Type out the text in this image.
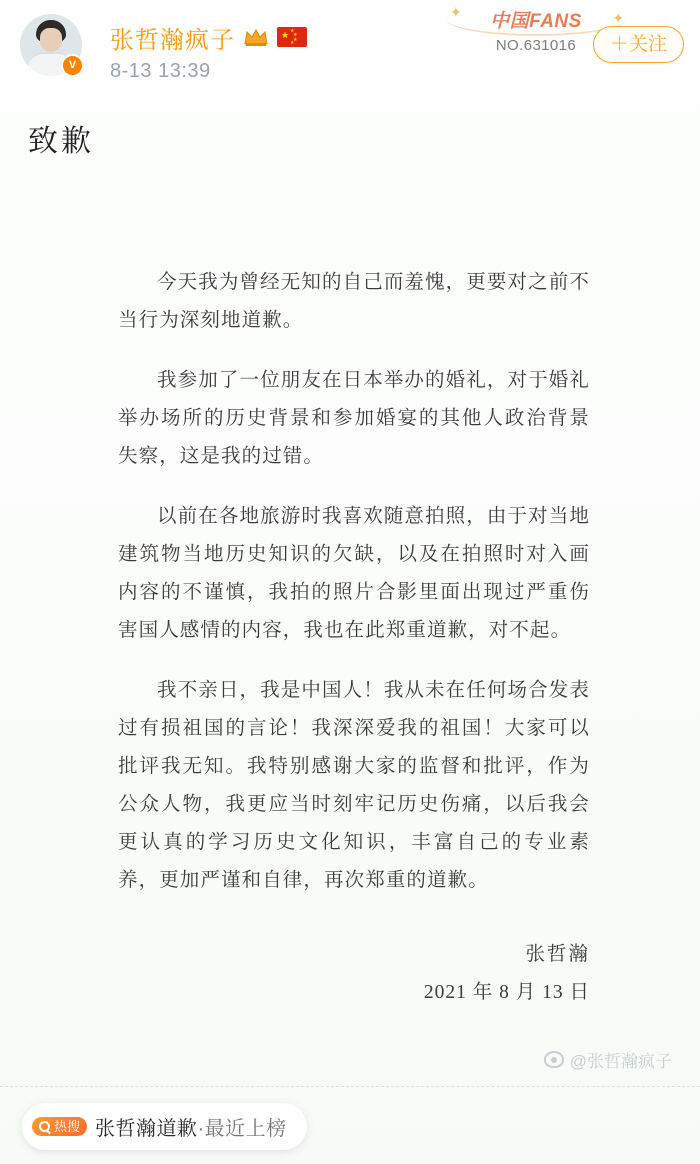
V
张哲瀚疯子	★ ★
★
★
★
8-13 13:39
✦	✦
中国FANS
NO.631016	＋关注
致歉

今天我为曾经无知的自己而羞愧，更要对之前不当行为深刻地道歉。

我参加了一位朋友在日本举办的婚礼，对于婚礼举办场所的历史背景和参加婚宴的其他人政治背景失察，这是我的过错。

以前在各地旅游时我喜欢随意拍照，由于对当地建筑物当地历史知识的欠缺，以及在拍照时对入画内容的不谨慎，我拍的照片合影里面出现过严重伤害国人感情的内容，我也在此郑重道歉，对不起。

我不亲日，我是中国人！我从未在任何场合发表过有损祖国的言论！我深深爱我的祖国！大家可以批评我无知。我特别感谢大家的监督和批评，作为公众人物，我更应当时刻牢记历史伤痛，以后我会更认真的学习历史文化知识，丰富自己的专业素养，更加严谨和自律，再次郑重的道歉。

张哲瀚
2021 年 8 月 13 日
@张哲瀚疯子
热搜 张哲瀚道歉·最近上榜
